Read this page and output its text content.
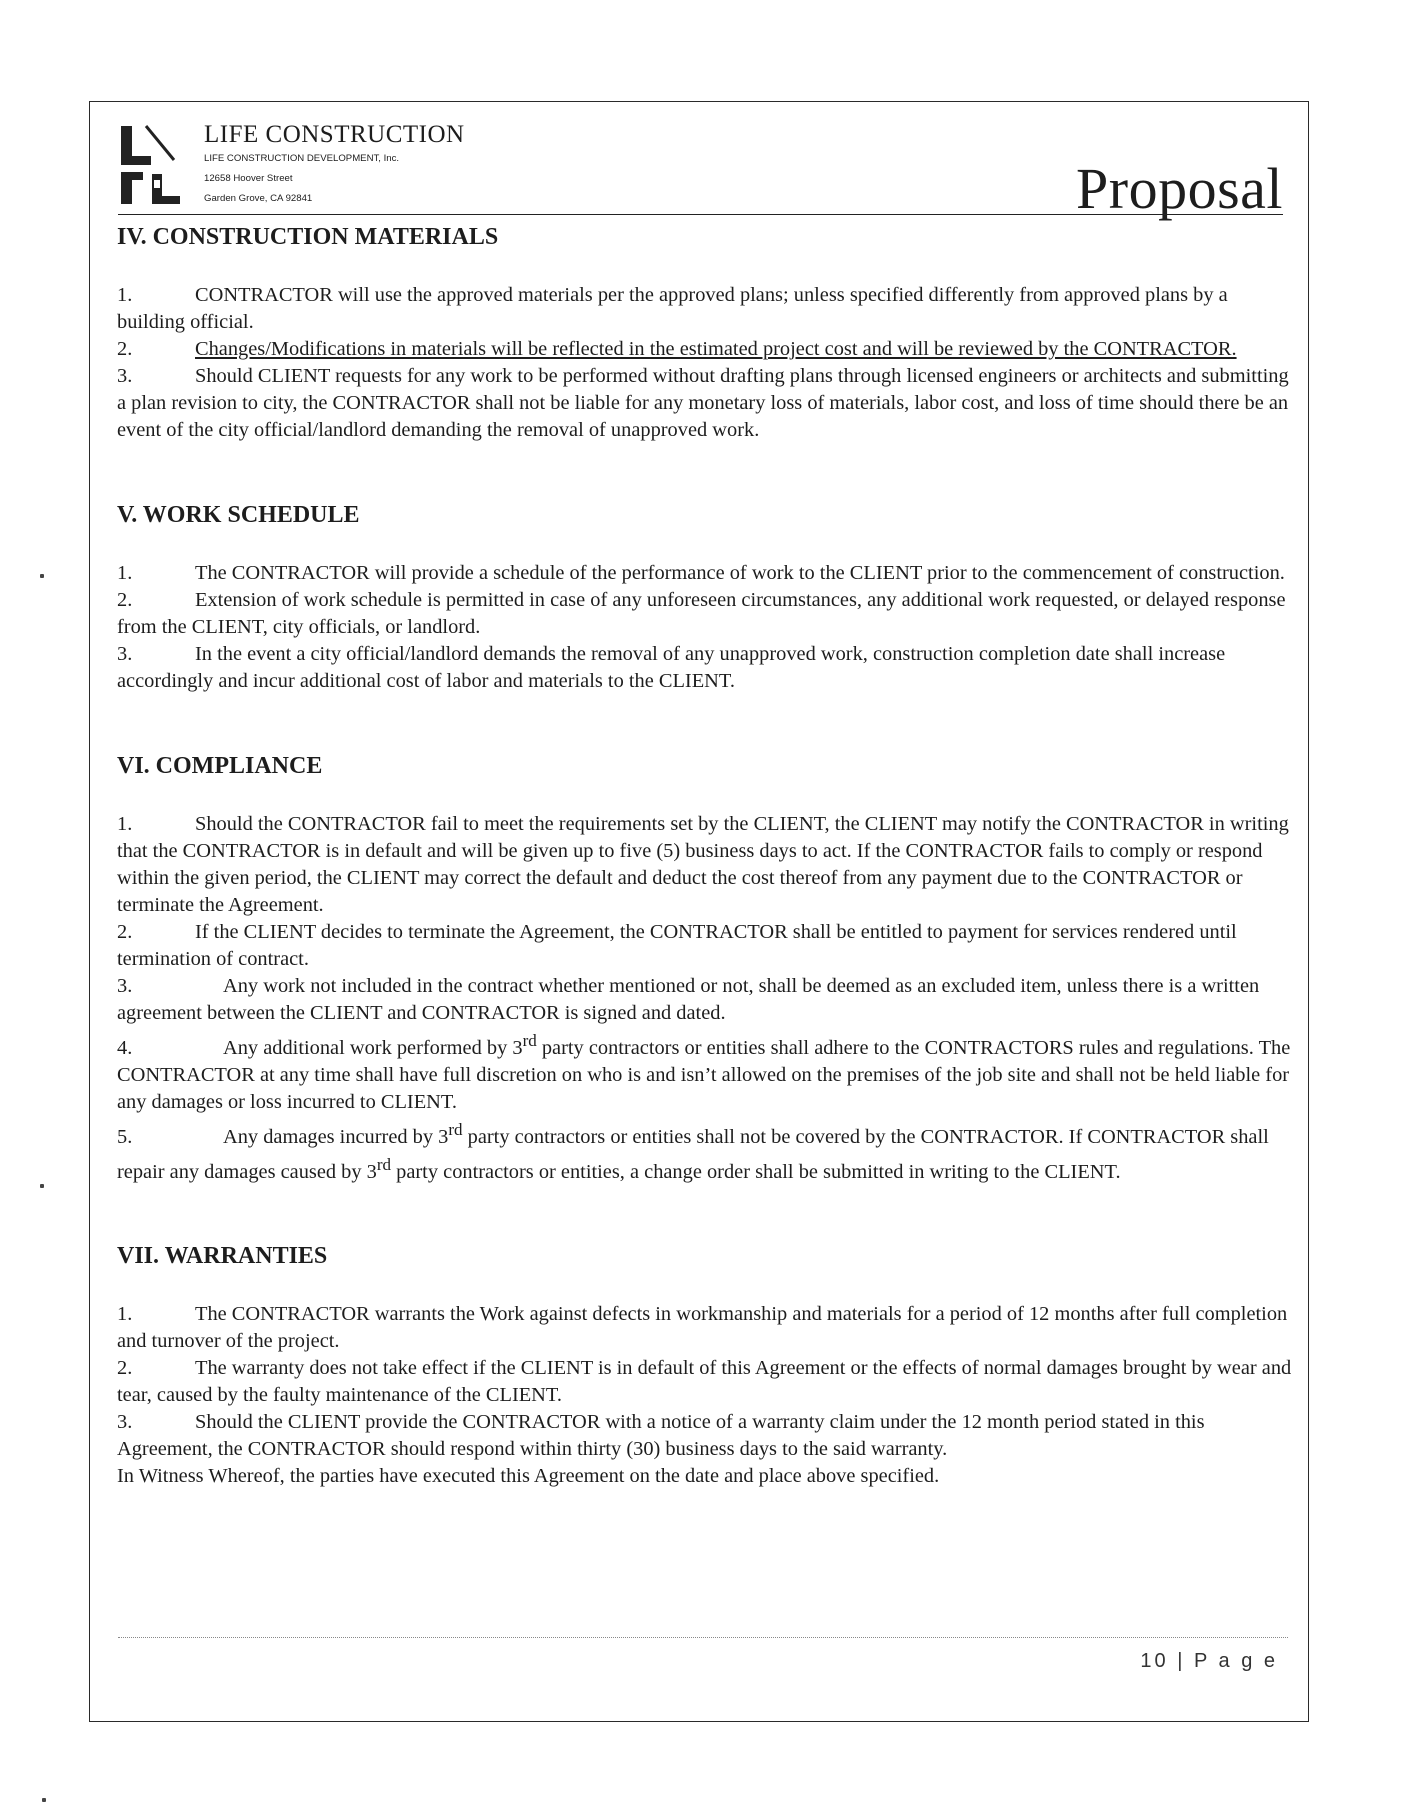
LIFE CONSTRUCTION
LIFE CONSTRUCTION DEVELOPMENT, Inc.
12658 Hoover Street
Garden Grove, CA 92841	Proposal
IV. CONSTRUCTION MATERIALS
1.	CONTRACTOR will use the approved materials per the approved plans; unless specified differently from approved plans by a building official.
2.	Changes/Modifications in materials will be reflected in the estimated project cost and will be reviewed by the CONTRACTOR.
3.	Should CLIENT requests for any work to be performed without drafting plans through licensed engineers or architects and submitting a plan revision to city, the CONTRACTOR shall not be liable for any monetary loss of materials, labor cost, and loss of time should there be an event of the city official/landlord demanding the removal of unapproved work.
V. WORK SCHEDULE
1.	The CONTRACTOR will provide a schedule of the performance of work to the CLIENT prior to the commencement of construction.
2.	Extension of work schedule is permitted in case of any unforeseen circumstances, any additional work requested, or delayed response from the CLIENT, city officials, or landlord.
3.	In the event a city official/landlord demands the removal of any unapproved work, construction completion date shall increase accordingly and incur additional cost of labor and materials to the CLIENT.
VI. COMPLIANCE
1.	Should the CONTRACTOR fail to meet the requirements set by the CLIENT, the CLIENT may notify the CONTRACTOR in writing that the CONTRACTOR is in default and will be given up to five (5) business days to act. If the CONTRACTOR fails to comply or respond within the given period, the CLIENT may correct the default and deduct the cost thereof from any payment due to the CONTRACTOR or terminate the Agreement.
2.	If the CLIENT decides to terminate the Agreement, the CONTRACTOR shall be entitled to payment for services rendered until termination of contract.
3.	Any work not included in the contract whether mentioned or not, shall be deemed as an excluded item, unless there is a written agreement between the CLIENT and CONTRACTOR is signed and dated.
4.	Any additional work performed by 3rd party contractors or entities shall adhere to the CONTRACTORS rules and regulations. The CONTRACTOR at any time shall have full discretion on who is and isn’t allowed on the premises of the job site and shall not be held liable for any damages or loss incurred to CLIENT.
5.	Any damages incurred by 3rd party contractors or entities shall not be covered by the CONTRACTOR. If CONTRACTOR shall repair any damages caused by 3rd party contractors or entities, a change order shall be submitted in writing to the CLIENT.
VII. WARRANTIES
1.	The CONTRACTOR warrants the Work against defects in workmanship and materials for a period of 12 months after full completion and turnover of the project.
2.	The warranty does not take effect if the CLIENT is in default of this Agreement or the effects of normal damages brought by wear and tear, caused by the faulty maintenance of the CLIENT.
3.	Should the CLIENT provide the CONTRACTOR with a notice of a warranty claim under the 12 month period stated in this Agreement, the CONTRACTOR should respond within thirty (30) business days to the said warranty.
In Witness Whereof, the parties have executed this Agreement on the date and place above specified.
10 | P a g e
